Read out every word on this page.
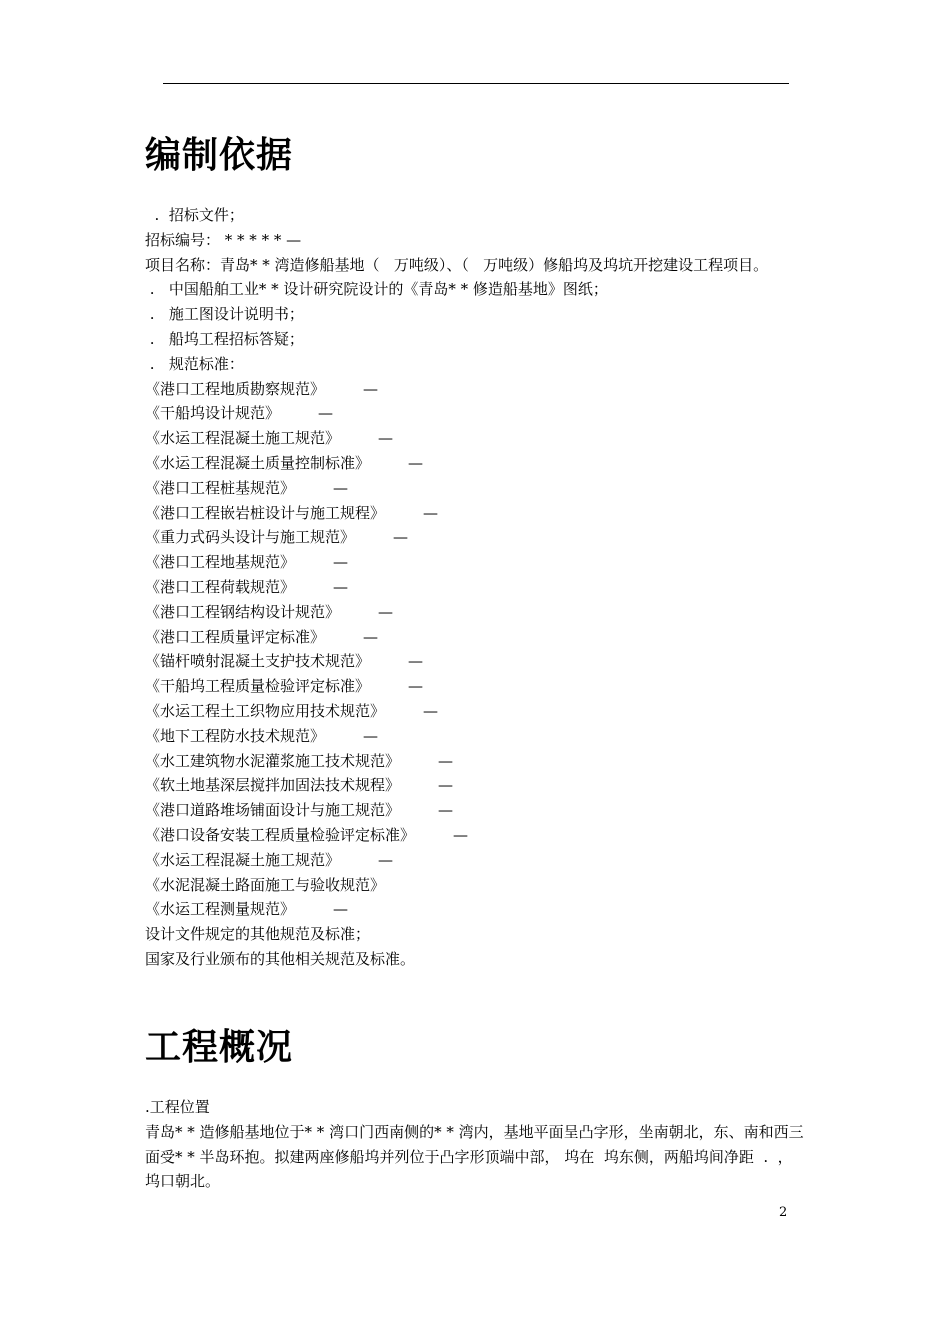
编制依据
.  招标文件；
招标编号： * * * * * —
项目名称：青岛* * 湾造修船基地（   万吨级）、（   万吨级）修船坞及坞坑开挖建设工程项目。
.   中国船舶工业* * 设计研究院设计的《青岛* * 修造船基地》图纸；
.   施工图设计说明书；
.   船坞工程招标答疑；
.   规范标准：
《港口工程地质勘察规范》	—
《干船坞设计规范》	—
《水运工程混凝土施工规范》	—
《水运工程混凝土质量控制标准》	—
《港口工程桩基规范》	—
《港口工程嵌岩桩设计与施工规程》	—
《重力式码头设计与施工规范》	—
《港口工程地基规范》	—
《港口工程荷载规范》	—
《港口工程钢结构设计规范》	—
《港口工程质量评定标准》	—
《锚杆喷射混凝土支护技术规范》	—
《干船坞工程质量检验评定标准》	—
《水运工程土工织物应用技术规范》	—
《地下工程防水技术规范》	—
《水工建筑物水泥灌浆施工技术规范》	—
《软土地基深层搅拌加固法技术规程》	—
《港口道路堆场铺面设计与施工规范》	—
《港口设备安装工程质量检验评定标准》	—
《水运工程混凝土施工规范》	—
《水泥混凝土路面施工与验收规范》
《水运工程测量规范》	—
设计文件规定的其他规范及标准；
国家及行业颁布的其他相关规范及标准。
工程概况
.工程位置
青岛* * 造修船基地位于* * 湾口门西南侧的* * 湾内，基地平面呈凸字形，坐南朝北，东、南和西三面受* * 半岛环抱。拟建两座修船坞并列位于凸字形顶端中部， 坞在  坞东侧，两船坞间净距  .  ，   坞口朝北。
2
